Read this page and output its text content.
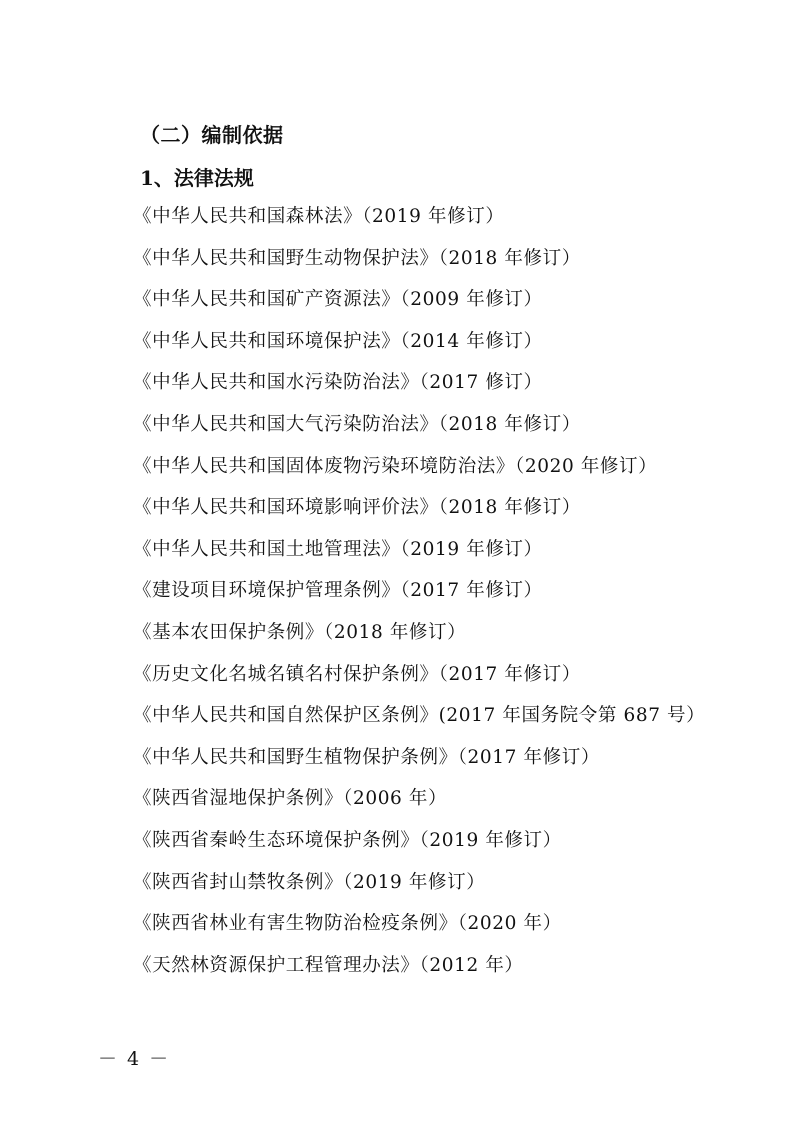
（二）编制依据
1、法律法规
《中华人民共和国森林法》（2019 年修订）
《中华人民共和国野生动物保护法》（2018 年修订）
《中华人民共和国矿产资源法》（2009 年修订）
《中华人民共和国环境保护法》（2014 年修订）
《中华人民共和国水污染防治法》（2017 修订）
《中华人民共和国大气污染防治法》（2018 年修订）
《中华人民共和国固体废物污染环境防治法》（2020 年修订）
《中华人民共和国环境影响评价法》（2018 年修订）
《中华人民共和国土地管理法》（2019 年修订）
《建设项目环境保护管理条例》（2017 年修订）
《基本农田保护条例》（2018 年修订）
《历史文化名城名镇名村保护条例》（2017 年修订）
《中华人民共和国自然保护区条例》(2017 年国务院令第 687 号）
《中华人民共和国野生植物保护条例》（2017 年修订）
《陕西省湿地保护条例》（2006 年）
《陕西省秦岭生态环境保护条例》（2019 年修订）
《陕西省封山禁牧条例》（2019 年修订）
《陕西省林业有害生物防治检疫条例》（2020 年）
《天然林资源保护工程管理办法》（2012 年）
－ 4 －
